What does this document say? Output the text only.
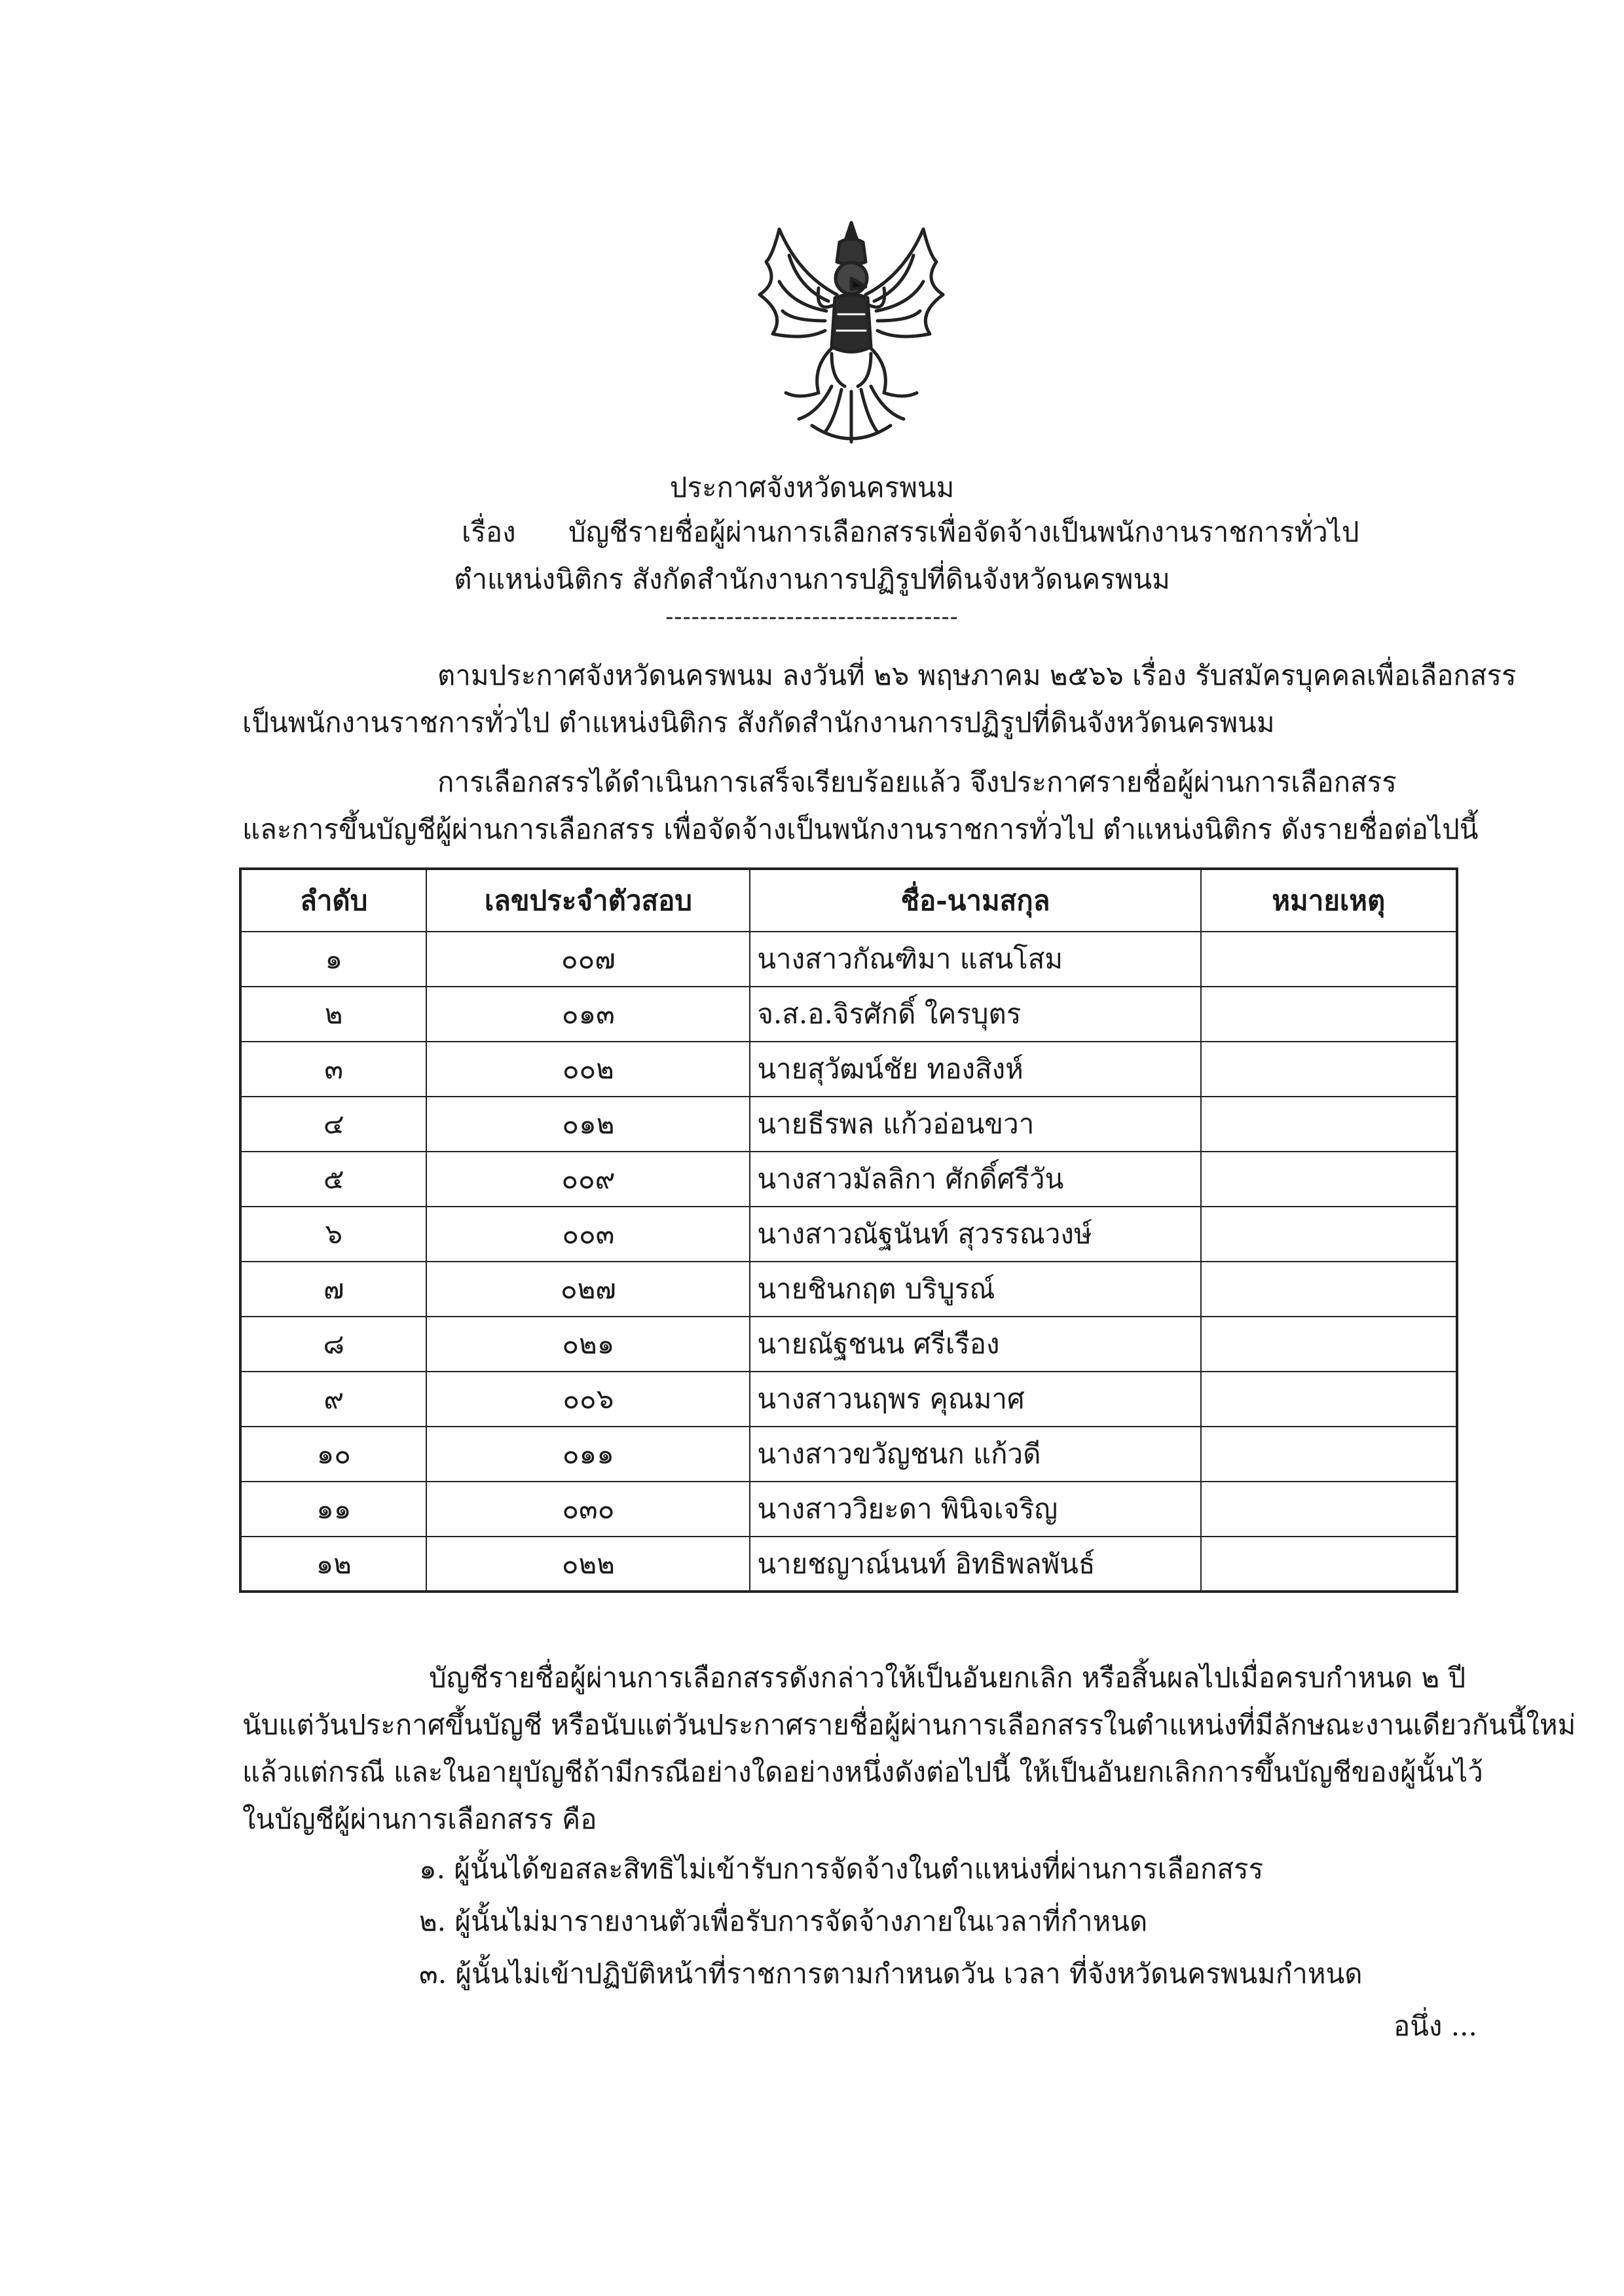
ประกาศจังหวัดนครพนม
เรื่อง บัญชีรายชื่อผู้ผ่านการเลือกสรรเพื่อจัดจ้างเป็นพนักงานราชการทั่วไป
ตำแหน่งนิติกร สังกัดสำนักงานการปฏิรูปที่ดินจังหวัดนครพนม
----------------------------------
ตามประกาศจังหวัดนครพนม ลงวันที่ ๒๖ พฤษภาคม ๒๕๖๖ เรื่อง รับสมัครบุคคลเพื่อเลือกสรร
เป็นพนักงานราชการทั่วไป ตำแหน่งนิติกร สังกัดสำนักงานการปฏิรูปที่ดินจังหวัดนครพนม
การเลือกสรรได้ดำเนินการเสร็จเรียบร้อยแล้ว จึงประกาศรายชื่อผู้ผ่านการเลือกสรร
และการขึ้นบัญชีผู้ผ่านการเลือกสรร เพื่อจัดจ้างเป็นพนักงานราชการทั่วไป ตำแหน่งนิติกร ดังรายชื่อต่อไปนี้
ลำดับ	เลขประจำตัวสอบ	ชื่อ-นามสกุล	หมายเหตุ
๑	๐๐๗	นางสาวกัณฑิมา แสนโสม	
๒	๐๑๓	จ.ส.อ.จิรศักดิ์ ใครบุตร	
๓	๐๐๒	นายสุวัฒน์ชัย ทองสิงห์	
๔	๐๑๒	นายธีรพล แก้วอ่อนขวา	
๕	๐๐๙	นางสาวมัลลิกา ศักดิ์ศรีวัน	
๖	๐๐๓	นางสาวณัฐนันท์ สุวรรณวงษ์	
๗	๐๒๗	นายชินกฤต บริบูรณ์	
๘	๐๒๑	นายณัฐชนน ศรีเรือง	
๙	๐๐๖	นางสาวนฤพร คุณมาศ	
๑๐	๐๑๑	นางสาวขวัญชนก แก้วดี	
๑๑	๐๓๐	นางสาววิยะดา พินิจเจริญ	
๑๒	๐๒๒	นายชญาณ์นนท์ อิทธิพลพันธ์	
บัญชีรายชื่อผู้ผ่านการเลือกสรรดังกล่าวให้เป็นอันยกเลิก หรือสิ้นผลไปเมื่อครบกำหนด ๒ ปี
นับแต่วันประกาศขึ้นบัญชี หรือนับแต่วันประกาศรายชื่อผู้ผ่านการเลือกสรรในตำแหน่งที่มีลักษณะงานเดียวกันนี้ใหม่
แล้วแต่กรณี และในอายุบัญชีถ้ามีกรณีอย่างใดอย่างหนึ่งดังต่อไปนี้ ให้เป็นอันยกเลิกการขึ้นบัญชีของผู้นั้นไว้
ในบัญชีผู้ผ่านการเลือกสรร คือ
๑. ผู้นั้นได้ขอสละสิทธิไม่เข้ารับการจัดจ้างในตำแหน่งที่ผ่านการเลือกสรร
๒. ผู้นั้นไม่มารายงานตัวเพื่อรับการจัดจ้างภายในเวลาที่กำหนด
๓. ผู้นั้นไม่เข้าปฏิบัติหน้าที่ราชการตามกำหนดวัน เวลา ที่จังหวัดนครพนมกำหนด
อนึ่ง ...
